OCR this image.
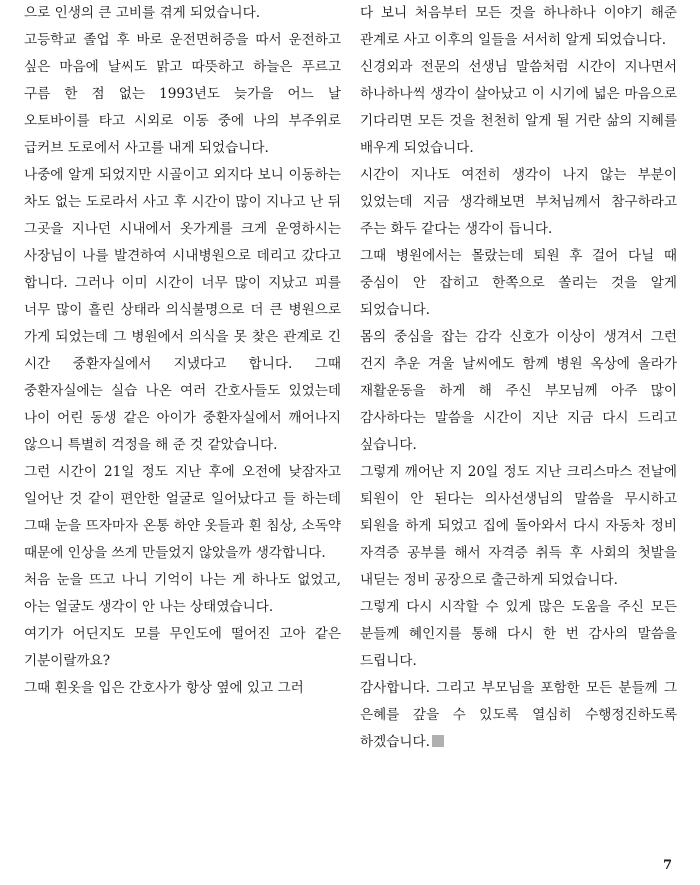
으로 인생의 큰 고비를 겪게 되었습니다.

고등학교 졸업 후 바로 운전면허증을 따서 운전하고 싶은 마음에 날씨도 맑고 따뜻하고 하늘은 푸르고 구름 한 점 없는 1993년도 늦가을 어느 날 오토바이를 타고 시외로 이동 중에 나의 부주위로 급커브 도로에서 사고를 내게 되었습니다.

나중에 알게 되었지만 시골이고 외지다 보니 이동하는 차도 없는 도로라서 사고 후 시간이 많이 지나고 난 뒤 그곳을 지나던 시내에서 옷가게를 크게 운영하시는 사장님이 나를 발견하여 시내병원으로 데리고 갔다고 합니다. 그러나 이미 시간이 너무 많이 지났고 피를 너무 많이 흘린 상태라 의식불명으로 더 큰 병원으로 가게 되었는데 그 병원에서 의식을 못 찾은 관계로 긴 시간 중환자실에서 지냈다고 합니다. 그때 중환자실에는 실습 나온 여러 간호사들도 있었는데 나이 어린 동생 같은 아이가 중환자실에서 깨어나지 않으니 특별히 걱정을 해 준 것 같았습니다.

그런 시간이 21일 정도 지난 후에 오전에 낮잠자고 일어난 것 같이 편안한 얼굴로 일어났다고 들 하는데 그때 눈을 뜨자마자 온통 하얀 옷들과 흰 침상, 소독약 때문에 인상을 쓰게 만들었지 않았을까 생각합니다.

처음 눈을 뜨고 나니 기억이 나는 게 하나도 없었고, 아는 얼굴도 생각이 안 나는 상태였습니다.

여기가 어딘지도 모를 무인도에 떨어진 고아 같은 기분이랄까요?

그때 흰옷을 입은 간호사가 항상 옆에 있고 그러

다 보니 처음부터 모든 것을 하나하나 이야기 해준 관계로 사고 이후의 일들을 서서히 알게 되었습니다.

신경외과 전문의 선생님 말씀처럼 시간이 지나면서 하나하나씩 생각이 살아났고 이 시기에 넓은 마음으로 기다리면 모든 것을 천천히 알게 될 거란 삶의 지혜를 배우게 되었습니다.

시간이 지나도 여전히 생각이 나지 않는 부분이 있었는데 지금 생각해보면 부처님께서 참구하라고 주는 화두 같다는 생각이 듭니다.

그때 병원에서는 몰랐는데 퇴원 후 걸어 다닐 때 중심이 안 잡히고 한쪽으로 쏠리는 것을 알게 되었습니다.

몸의 중심을 잡는 감각 신호가 이상이 생겨서 그런 건지 추운 겨울 날씨에도 함께 병원 옥상에 올라가 재활운동을 하게 해 주신 부모님께 아주 많이 감사하다는 말씀을 시간이 지난 지금 다시 드리고 싶습니다.

그렇게 깨어난 지 20일 정도 지난 크리스마스 전날에 퇴원이 안 된다는 의사선생님의 말씀을 무시하고 퇴원을 하게 되었고 집에 돌아와서 다시 자동차 정비 자격증 공부를 해서 자격증 취득 후 사회의 첫발을 내딛는 정비 공장으로 출근하게 되었습니다.

그렇게 다시 시작할 수 있게 많은 도움을 주신 모든 분들께 혜인지를 통해 다시 한 번 감사의 말씀을 드립니다.

감사합니다. 그리고 부모님을 포함한 모든 분들께 그 은혜를 갚을 수 있도록 열심히 수행정진하도록 하겠습니다.

7
